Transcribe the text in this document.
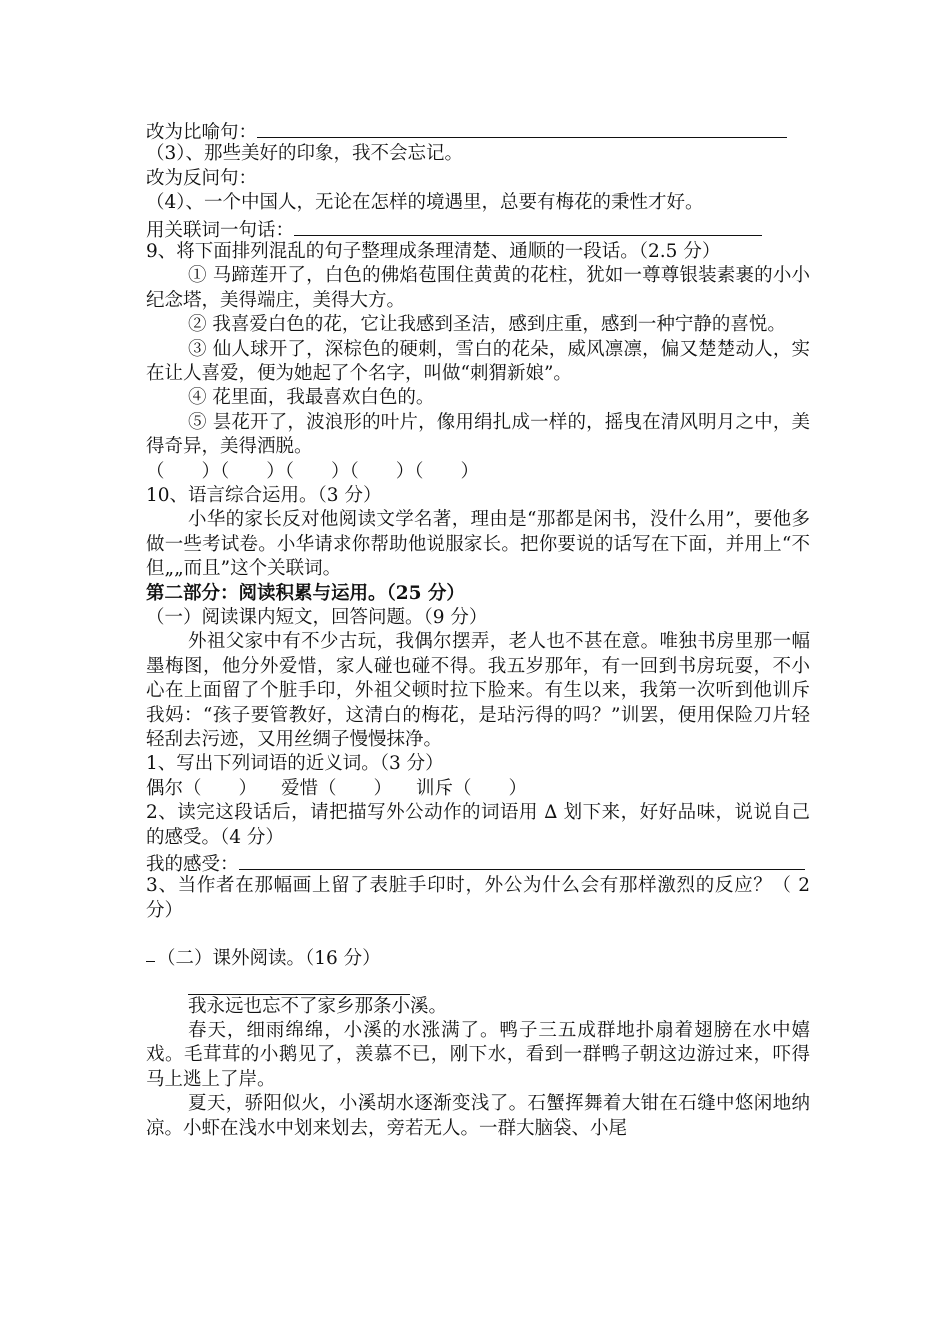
改为比喻句：
（3）、那些美好的印象，我不会忘记。
改为反问句：
（4）、一个中国人，无论在怎样的境遇里，总要有梅花的秉性才好。
用关联词一句话：
9、将下面排列混乱的句子整理成条理清楚、通顺的一段话。（2.5 分）
① 马蹄莲开了，白色的佛焰苞围住黄黄的花柱，犹如一尊尊银装素裹的小小纪念塔，美得端庄，美得大方。
② 我喜爱白色的花，它让我感到圣洁，感到庄重，感到一种宁静的喜悦。
③ 仙人球开了，深棕色的硬刺，雪白的花朵，威风凛凛，偏又楚楚动人，实在让人喜爱，便为她起了个名字，叫做“刺猬新娘”。
④ 花里面，我最喜欢白色的。
⑤ 昙花开了，波浪形的叶片，像用绢扎成一样的，摇曳在清风明月之中，美得奇异，美得洒脱。
（　　）（　　）（　　）（　　）（　　）
10、语言综合运用。（3 分）
小华的家长反对他阅读文学名著，理由是“那都是闲书，没什么用”，要他多做一些考试卷。小华请求你帮助他说服家长。把你要说的话写在下面，并用上“不但„„而且”这个关联词。
第二部分：阅读积累与运用。（25 分）
（一）阅读课内短文，回答问题。（9 分）
外祖父家中有不少古玩，我偶尔摆弄，老人也不甚在意。唯独书房里那一幅墨梅图，他分外爱惜，家人碰也碰不得。我五岁那年，有一回到书房玩耍，不小心在上面留了个脏手印，外祖父顿时拉下脸来。有生以来，我第一次听到他训斥我妈：“孩子要管教好，这清白的梅花，是玷污得的吗？”训罢，便用保险刀片轻轻刮去污迹，又用丝绸子慢慢抹净。
1、写出下列词语的近义词。（3 分）
偶尔（　　） 爱惜（　　） 训斥（　　）
2、读完这段话后，请把描写外公动作的词语用 ∆ 划下来，好好品味，说说自己的感受。（4 分）
我的感受：
3、当作者在那幅画上留了表脏手印时，外公为什么会有那样激烈的反应？（ 2 分）
（二）课外阅读。（16 分）
我永远也忘不了家乡那条小溪。
春天，细雨绵绵，小溪的水涨满了。鸭子三五成群地扑扇着翅膀在水中嬉戏。毛茸茸的小鹅见了，羡慕不已，刚下水，看到一群鸭子朝这边游过来，吓得马上逃上了岸。
夏天，骄阳似火，小溪胡水逐渐变浅了。石蟹挥舞着大钳在石缝中悠闲地纳凉。小虾在浅水中划来划去，旁若无人。一群大脑袋、小尾
